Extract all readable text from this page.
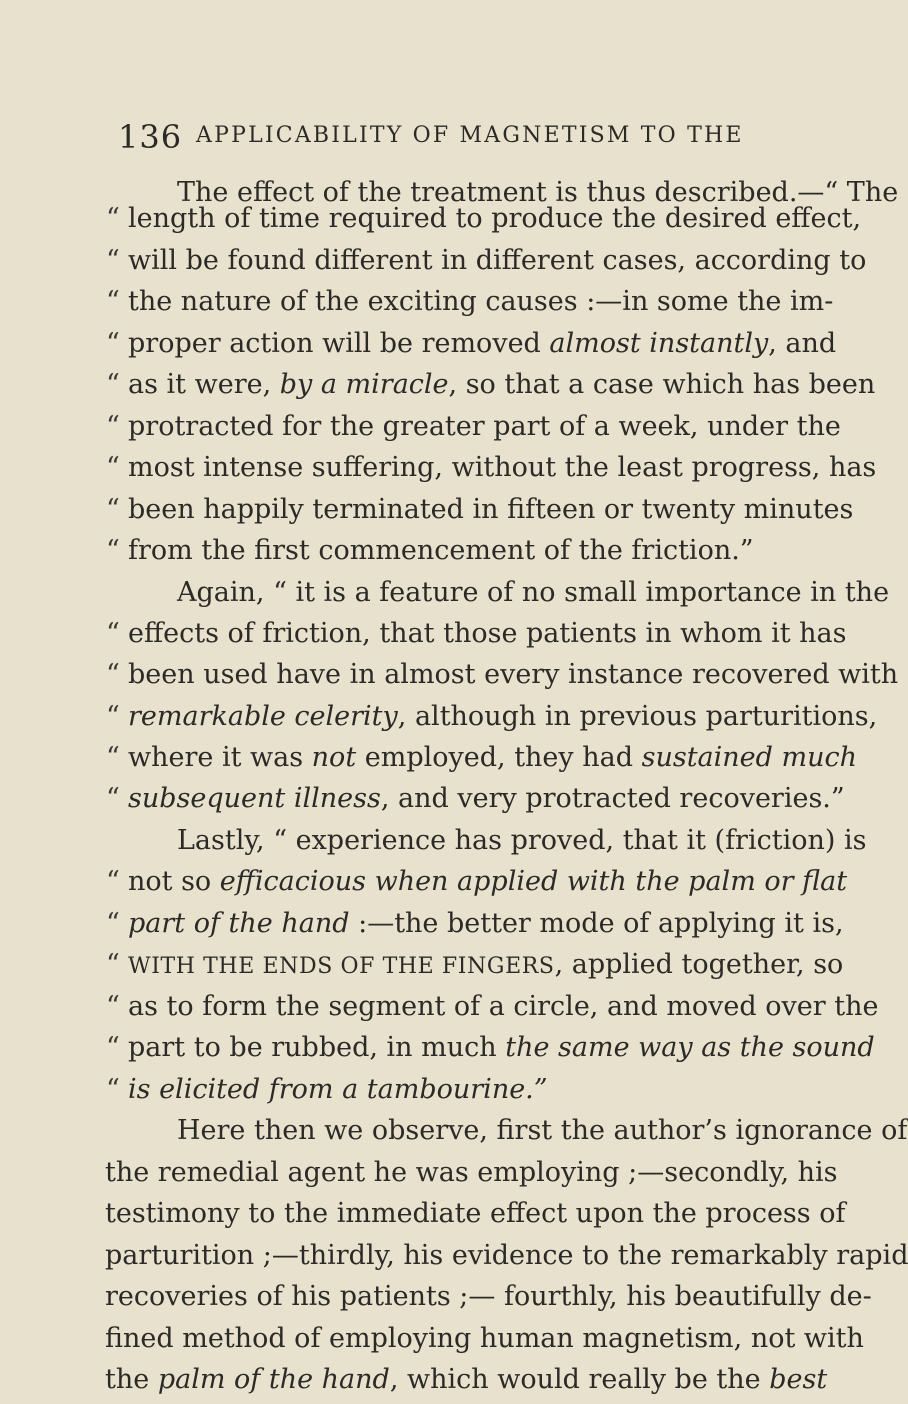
136 APPLICABILITY OF MAGNETISM TO THE
“
“
“
“
“
“
“
“
“
“
“
“
“
“
“
“
“
“
“
“
The effect of the treatment is thus described.—“ The
length of time required to produce the desired effect,
will be found different in different cases, according to
the nature of the exciting causes :—in some the im-
proper action will be removed almost instantly, and
as it were, by a miracle, so that a case which has been
protracted for the greater part of a week, under the
most intense suffering, without the least progress, has
been happily terminated in fifteen or twenty minutes
from the first commencement of the friction.”
Again, “ it is a feature of no small importance in the
effects of friction, that those patients in whom it has
been used have in almost every instance recovered with
remarkable celerity, although in previous parturitions,
where it was not employed, they had sustained much
subsequent illness, and very protracted recoveries.”
Lastly, “ experience has proved, that it (friction) is
not so efficacious when applied with the palm or flat
part of the hand :—the better mode of applying it is,
WITH THE ENDS OF THE FINGERS, applied together, so
as to form the segment of a circle, and moved over the
part to be rubbed, in much the same way as the sound
is elicited from a tambourine.”
Here then we observe, first the author’s ignorance of
the remedial agent he was employing ;—secondly, his
testimony to the immediate effect upon the process of
parturition ;—thirdly, his evidence to the remarkably rapid
recoveries of his patients ;— fourthly, his beautifully de-
fined method of employing human magnetism, not with
the palm of the hand, which would really be the best
